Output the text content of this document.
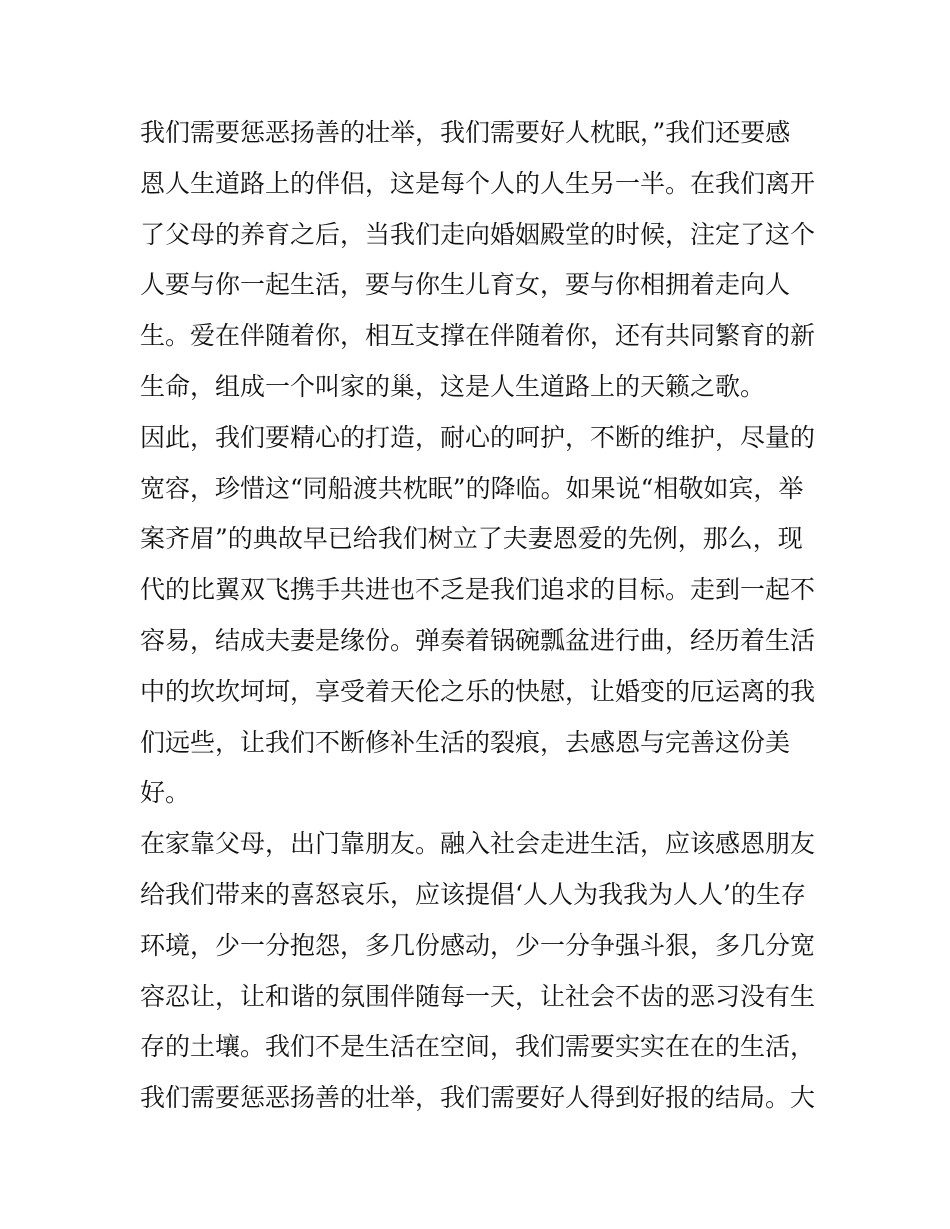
我们需要惩恶扬善的壮举，我们需要好人枕眠，”我们还要感
恩人生道路上的伴侣，这是每个人的人生另一半。在我们离开
了父母的养育之后，当我们走向婚姻殿堂的时候，注定了这个
人要与你一起生活，要与你生儿育女，要与你相拥着走向人
生。爱在伴随着你，相互支撑在伴随着你，还有共同繁育的新
生命，组成一个叫家的巢，这是人生道路上的天籁之歌。
因此，我们要精心的打造，耐心的呵护，不断的维护，尽量的
宽容，珍惜这“同船渡共枕眠”的降临。如果说“相敬如宾，举
案齐眉”的典故早已给我们树立了夫妻恩爱的先例，那么，现
代的比翼双飞携手共进也不乏是我们追求的目标。走到一起不
容易，结成夫妻是缘份。弹奏着锅碗瓢盆进行曲，经历着生活
中的坎坎坷坷，享受着天伦之乐的快慰，让婚变的厄运离的我
们远些，让我们不断修补生活的裂痕，去感恩与完善这份美
好。
在家靠父母，出门靠朋友。融入社会走进生活，应该感恩朋友
给我们带来的喜怒哀乐，应该提倡‘人人为我我为人人’的生存
环境，少一分抱怨，多几份感动，少一分争强斗狠，多几分宽
容忍让，让和谐的氛围伴随每一天，让社会不齿的恶习没有生
存的土壤。我们不是生活在空间，我们需要实实在在的生活，
我们需要惩恶扬善的壮举，我们需要好人得到好报的结局。大
